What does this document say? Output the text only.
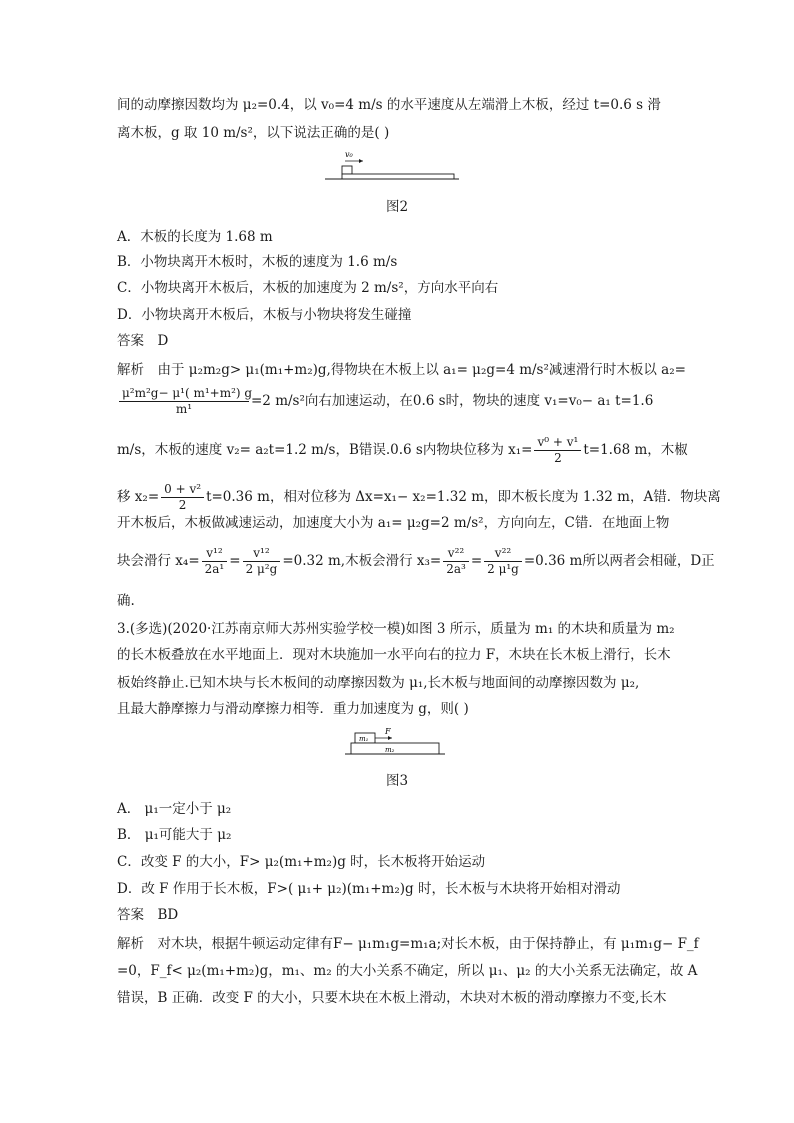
间的动摩擦因数均为 μ₂=0.4，以 v₀=4 m/s 的水平速度从左端滑上木板，经过 t=0.6 s 滑
离木板，g 取 10 m/s²，以下说法正确的是( )
v₀
图2
A．木板的长度为 1.68 m
B．小物块离开木板时，木板的速度为 1.6 m/s
C．小物块离开木板后，木板的加速度为 2 m/s²，方向水平向右
D．小物块离开木板后，木板与小物块将发生碰撞
答案　D
解析　由于 μ₂m₂g> μ₁(m₁+m₂)g,得物块在木板上以 a₁= μ₂g=4 m/s²减速滑行时木板以 a₂=
$\frac{\text{μ²m²g− μ¹( m¹+m²) g}}{\text{m¹}} =2$ m/s²向右加速运动，在0.6 s时，物块的速度 v₁=v₀− a₁ t=1.6
m/s，木板的速度 v₂= a₂t=1.2 m/s，B错误.0.6 s内物块位移为 $x_1= \frac{\text{v⁰ + v¹}}{2} t=1.68$ m，木椒
移 $x_2= \frac{\text{0 + v²}}{2} t=0.36$ m，相对位移为 Δx=x₁− x₂=1.32 m，即木板长度为 1.32 m，A错．物块离
开木板后，木板做减速运动，加速度大小为 a₁= μ₂g=2 m/s²，方向向左，C错．在地面上物
块会滑行 $x_4= \frac{\text{v¹²}}{\text{2a¹}} = \frac{\text{v¹²}}{\text{2 μ²g}} =0.32$ m,木板会滑行 $x_3= \frac{\text{v²²}}{\text{2a³}} = \frac{\text{v²²}}{\text{2 μ¹g}} =0.36$ m所以两者会相碰，D正
确.
3.(多选)(2020·江苏南京师大苏州实验学校一模)如图 3 所示，质量为 m₁ 的木块和质量为 m₂
的长木板叠放在水平地面上．现对木块施加一水平向右的拉力 F，木块在长木板上滑行，长木
板始终静止.已知木块与长木板间的动摩擦因数为 μ₁,长木板与地面间的动摩擦因数为 μ₂,
且最大静摩擦力与滑动摩擦力相等．重力加速度为 g，则( )
m₁
F
m₂
图3
A． μ₁一定小于 μ₂
B． μ₁可能大于 μ₂
C．改变 F 的大小，F> μ₂(m₁+m₂)g 时，长木板将开始运动
D．改 F 作用于长木板，F>( μ₁+ μ₂)(m₁+m₂)g 时，长木板与木块将开始相对滑动
答案　BD
解析　对木块，根据牛顿运动定律有F− μ₁m₁g=m₁a;对长木板，由于保持静止，有 μ₁m₁g− F_f
=0，F_f< μ₂(m₁+m₂)g，m₁、m₂ 的大小关系不确定，所以 μ₁、μ₂ 的大小关系无法确定，故 A
错误，B 正确．改变 F 的大小，只要木块在木板上滑动，木块对木板的滑动摩擦力不变,长木
